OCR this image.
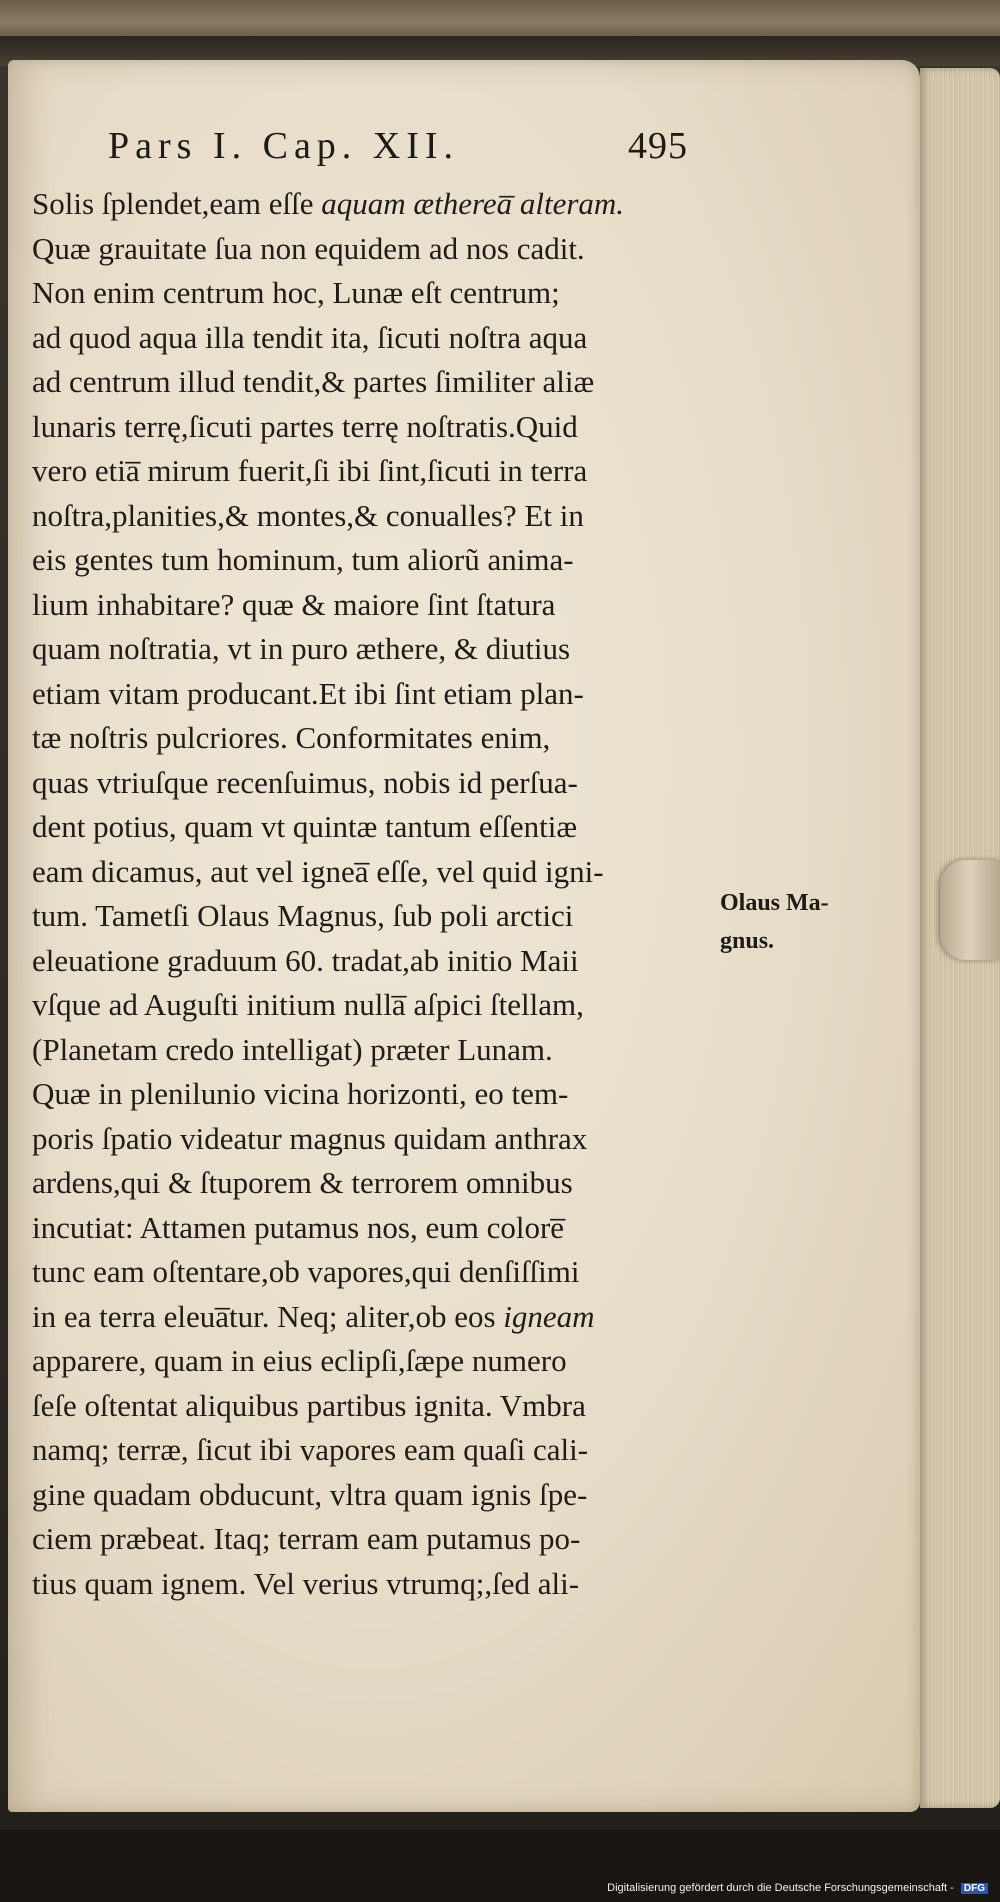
Pars I. Cap. XII.	495
Solis ſplendet,eam eſſe aquam ætherea̅ alteram.
Quæ grauitate ſua non equidem ad nos cadit.
Non enim centrum hoc, Lunæ eſt centrum;
ad quod aqua illa tendit ita, ſicuti noſtra aqua
ad centrum illud tendit,& partes ſimiliter aliæ
lunaris terrę,ſicuti partes terrę noſtratis.Quid
vero etia̅ mirum fuerit,ſi ibi ſint,ſicuti in terra
noſtra,planities,& montes,& conualles? Et in
eis gentes tum hominum, tum aliorũ anima-
lium inhabitare? quæ & maiore ſint ſtatura
quam noſtratia, vt in puro æthere, & diutius
etiam vitam producant.Et ibi ſint etiam plan-
tæ noſtris pulcriores. Conformitates enim,
quas vtriuſque recenſuimus, nobis id perſua-
dent potius, quam vt quintæ tantum eſſentiæ
eam dicamus, aut vel ignea̅ eſſe, vel quid igni-
tum. Tametſi Olaus Magnus, ſub poli arctici
eleuatione graduum 60. tradat,ab initio Maii
vſque ad Auguſti initium nulla̅ aſpici ſtellam,
(Planetam credo intelligat) præter Lunam.
Quæ in plenilunio vicina horizonti, eo tem-
poris ſpatio videatur magnus quidam anthrax
ardens,qui & ſtuporem & terrorem omnibus
incutiat: Attamen putamus nos, eum colore̅
tunc eam oſtentare,ob vapores,qui denſiſſimi
in ea terra eleua̅tur. Neq; aliter,ob eos igneam
apparere, quam in eius eclipſi,ſæpe numero
ſeſe oſtentat aliquibus partibus ignita. Vmbra
namq; terræ, ſicut ibi vapores eam quaſi cali-
gine quadam obducunt, vltra quam ignis ſpe-
ciem præbeat. Itaq; terram eam putamus po-
tius quam ignem. Vel verius vtrumq;,ſed ali-
Olaus Ma-
gnus.
Digitalisierung gefördert durch die Deutsche Forschungsgemeinschaft - DFG
